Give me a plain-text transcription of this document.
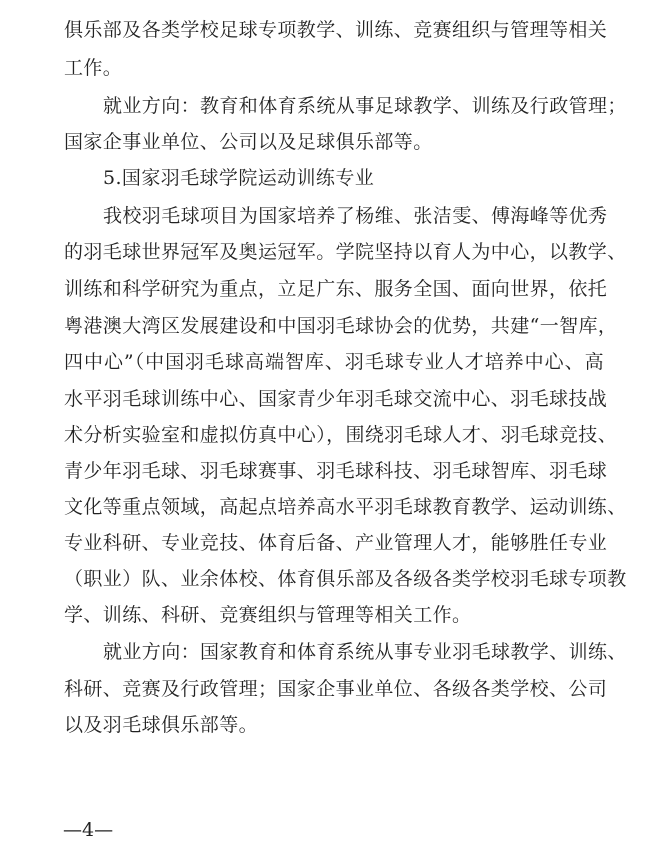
俱乐部及各类学校足球专项教学、训练、竞赛组织与管理等相关
工作。
就业方向：教育和体育系统从事足球教学、训练及行政管理；
国家企事业单位、公司以及足球俱乐部等。
5.国家羽毛球学院运动训练专业
我校羽毛球项目为国家培养了杨维、张洁雯、傅海峰等优秀
的羽毛球世界冠军及奥运冠军。学院坚持以育人为中心，以教学、
训练和科学研究为重点，立足广东、服务全国、面向世界，依托
粤港澳大湾区发展建设和中国羽毛球协会的优势，共建“一智库，
四中心”（中国羽毛球高端智库、羽毛球专业人才培养中心、高
水平羽毛球训练中心、国家青少年羽毛球交流中心、羽毛球技战
术分析实验室和虚拟仿真中心），围绕羽毛球人才、羽毛球竞技、
青少年羽毛球、羽毛球赛事、羽毛球科技、羽毛球智库、羽毛球
文化等重点领域，高起点培养高水平羽毛球教育教学、运动训练、
专业科研、专业竞技、体育后备、产业管理人才，能够胜任专业
（职业）队、业余体校、体育俱乐部及各级各类学校羽毛球专项教
学、训练、科研、竞赛组织与管理等相关工作。
就业方向：国家教育和体育系统从事专业羽毛球教学、训练、
科研、竞赛及行政管理；国家企事业单位、各级各类学校、公司
以及羽毛球俱乐部等。
—4—
